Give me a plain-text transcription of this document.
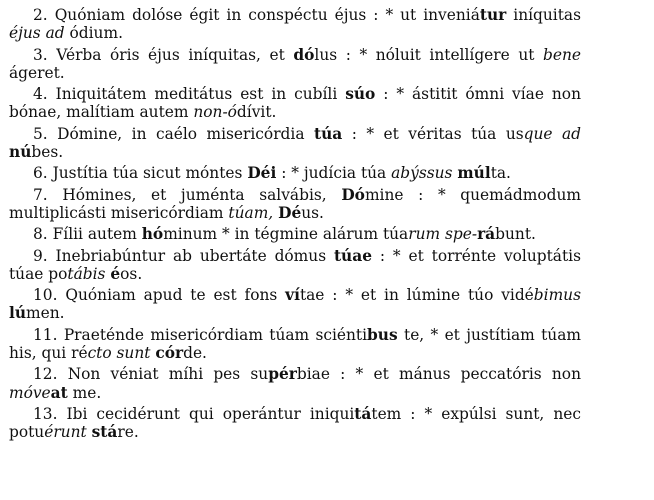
2. Quóniam dolóse égit in conspéctu éjus : * ut inveniátur iníquitas éjus ad ódium.

3. Vérba óris éjus iníquitas, et dólus : * nóluit intellígere ut bene ágeret.

4. Iniquitátem meditátus est in cubíli súo : * ástitit ómni víae non bónae, malítiam autem non-ódívit.

5. Dómine, in caélo misericórdia túa : * et véritas túa usque ad núbes.

6. Justítia túa sicut móntes Déi : * judícia túa abýssus múlta.

7. Hómines, et juménta salvábis, Dómine : * quemádmodum multiplicásti misericórdiam túam, Déus.

8. Fílii autem hóminum * in tégmine alárum túarum spe-rábunt.

9. Inebriabúntur ab ubertáte dómus túae : * et torrénte voluptátis túae potábis éos.

10. Quóniam apud te est fons vítae : * et in lúmine túo vidébimus lúmen.

11. Praeténde misericórdiam túam sciéntibus te, * et justítiam túam his, qui récto sunt córde.

12. Non véniat míhi pes supérbiae : * et mánus peccatóris non móveat me.

13. Ibi cecidérunt qui operántur iniquitátem : * expúlsi sunt, nec potuérunt stáre.
